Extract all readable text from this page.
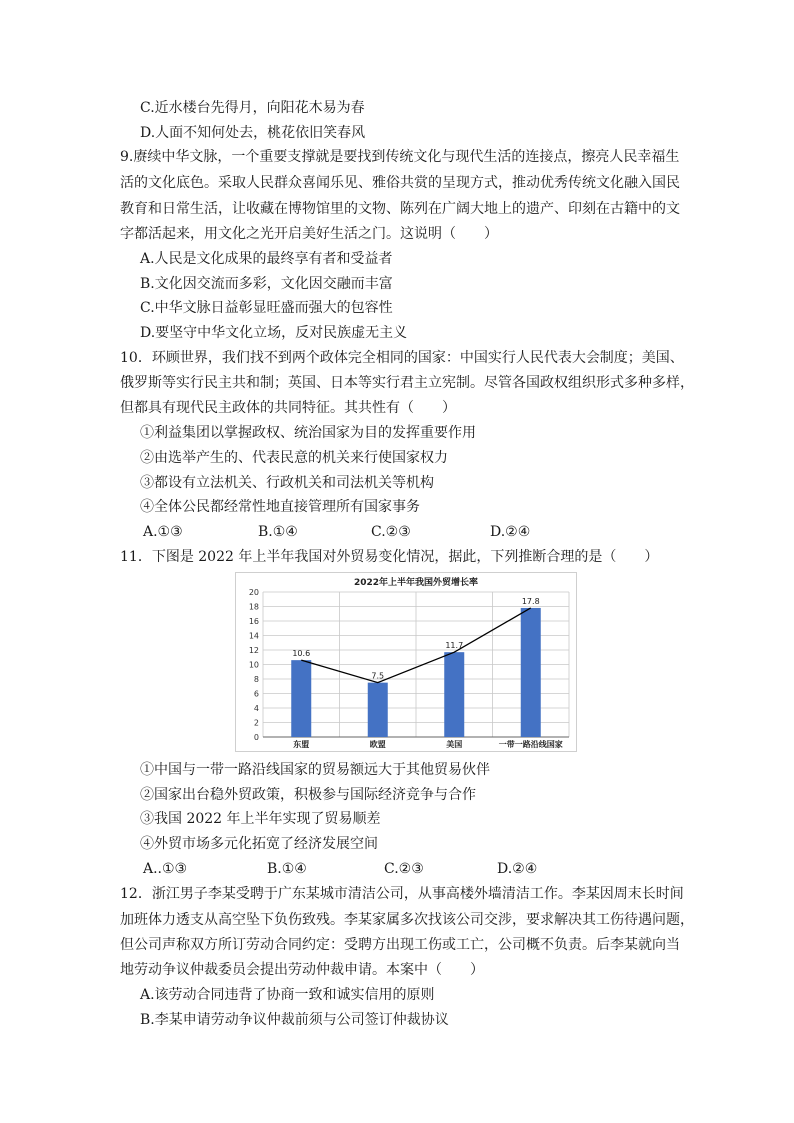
C.近水楼台先得月，向阳花木易为春
D.人面不知何处去，桃花依旧笑春风
9.赓续中华文脉，一个重要支撑就是要找到传统文化与现代生活的连接点，擦亮人民幸福生
活的文化底色。采取人民群众喜闻乐见、雅俗共赏的呈现方式，推动优秀传统文化融入国民
教育和日常生活，让收藏在博物馆里的文物、陈列在广阔大地上的遗产、印刻在古籍中的文
字都活起来，用文化之光开启美好生活之门。这说明（　　）
A.人民是文化成果的最终享有者和受益者
B.文化因交流而多彩，文化因交融而丰富
C.中华文脉日益彰显旺盛而强大的包容性
D.要坚守中华文化立场，反对民族虚无主义
10．环顾世界，我们找不到两个政体完全相同的国家：中国实行人民代表大会制度；美国、
俄罗斯等实行民主共和制；英国、日本等实行君主立宪制。尽管各国政权组织形式多种多样，
但都具有现代民主政体的共同特征。其共性有（　　）
①利益集团以掌握政权、统治国家为目的发挥重要作用
②由选举产生的、代表民意的机关来行使国家权力
③都设有立法机关、行政机关和司法机关等机构
④全体公民都经常性地直接管理所有国家事务
A.①③	B.①④	C.②③	D.②④
11．下图是 2022 年上半年我国对外贸易变化情况，据此，下列推断合理的是（　　）
2022年上半年我国外贸增长率
0
2
4
6
8
10
12
14
16
18
20
10.6
东盟
7.5
欧盟
11.7
美国
17.8
一带一路沿线国家
①中国与一带一路沿线国家的贸易额远大于其他贸易伙伴
②国家出台稳外贸政策，积极参与国际经济竞争与合作
③我国 2022 年上半年实现了贸易顺差
④外贸市场多元化拓宽了经济发展空间
A..①③	B.①④	C.②③	D.②④
12．浙江男子李某受聘于广东某城市清洁公司，从事高楼外墙清洁工作。李某因周末长时间
加班体力透支从高空坠下负伤致残。李某家属多次找该公司交涉，要求解决其工伤待遇问题，
但公司声称双方所订劳动合同约定：受聘方出现工伤或工亡，公司概不负责。后李某就向当
地劳动争议仲裁委员会提出劳动仲裁申请。本案中（　　）
A.该劳动合同违背了协商一致和诚实信用的原则
B.李某申请劳动争议仲裁前须与公司签订仲裁协议
